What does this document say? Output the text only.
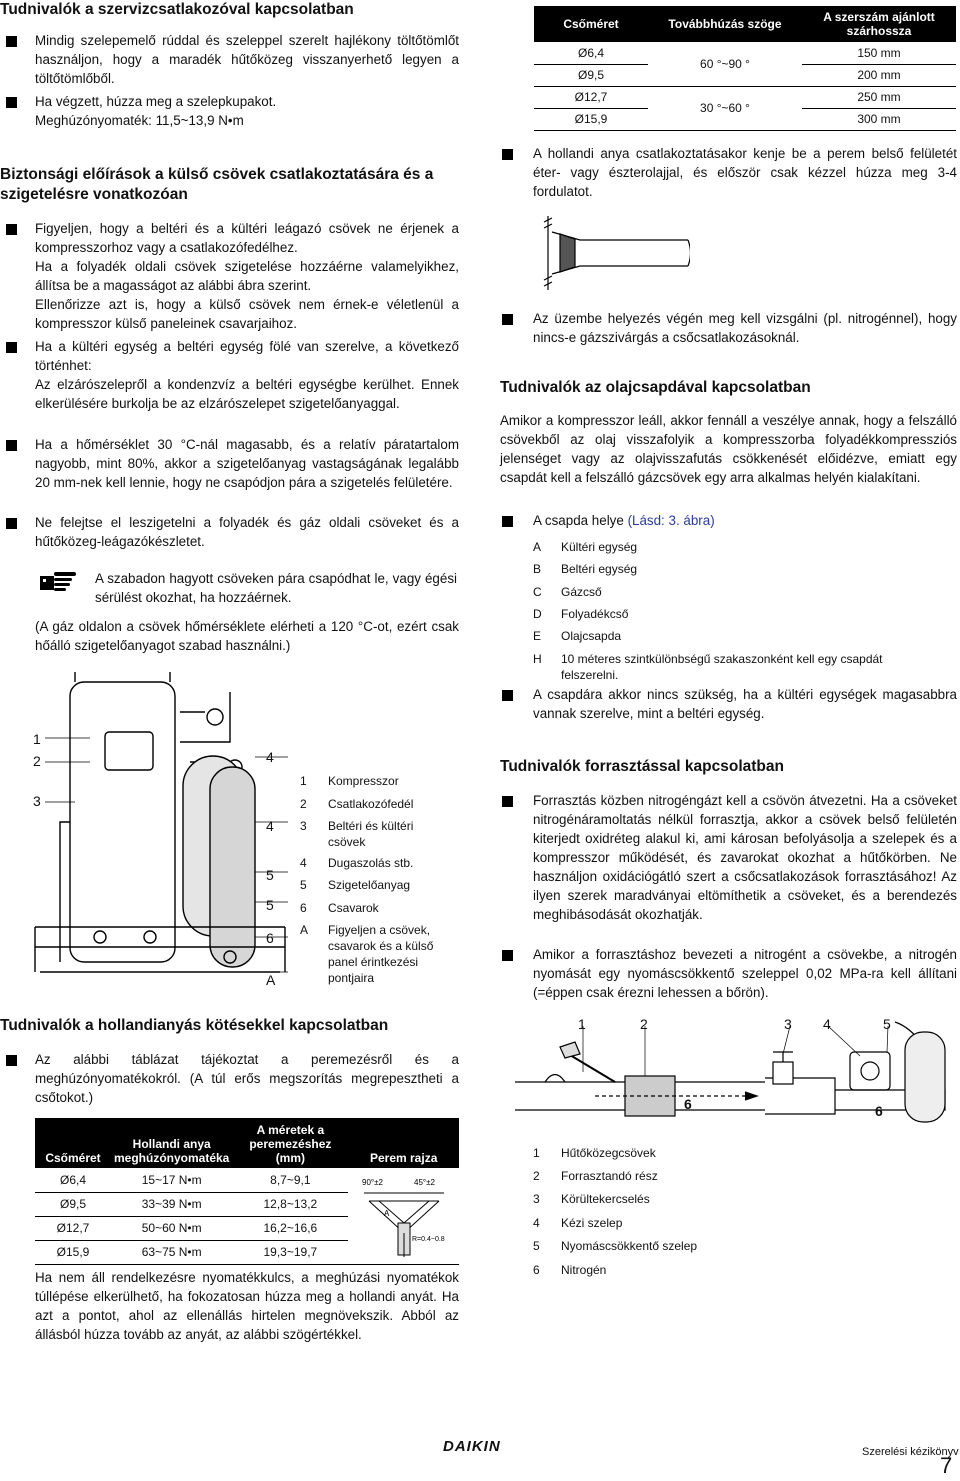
Tudnivalók a szervizcsatlakozóval kapcsolatban
Mindig szelepemelő rúddal és szeleppel szerelt hajlékony töltőtömlőt használjon, hogy a maradék hűtőközeg visszanyerhető legyen a töltőtömlőből.
Ha végzett, húzza meg a szelepkupakot.
Meghúzónyomaték: 11,5~13,9 N•m
Biztonsági előírások a külső csövek csatlakoztatására és a szigetelésre vonatkozóan
Figyeljen, hogy a beltéri és a kültéri leágazó csövek ne érjenek a kompresszorhoz vagy a csatlakozófedélhez.
Ha a folyadék oldali csövek szigetelése hozzáérne valamelyikhez, állítsa be a magasságot az alábbi ábra szerint.
Ellenőrizze azt is, hogy a külső csövek nem érnek-e véletlenül a kompresszor külső paneleinek csavarjaihoz.
Ha a kültéri egység a beltéri egység fölé van szerelve, a következő történhet:
Az elzárószelepről a kondenzvíz a beltéri egységbe kerülhet. Ennek elkerülésére burkolja be az elzárószelepet szigetelőanyaggal.
Ha a hőmérséklet 30 °C-nál magasabb, és a relatív páratartalom nagyobb, mint 80%, akkor a szigetelőanyag vastagságának legalább 20 mm-nek kell lennie, hogy ne csapódjon pára a szigetelés felületére.
Ne felejtse el leszigetelni a folyadék és gáz oldali csöveket és a hűtőközeg-leágazókészletet.
A szabadon hagyott csöveken pára csapódhat le, vagy égési sérülést okozhat, ha hozzáérnek.
(A gáz oldalon a csövek hőmérséklete elérheti a 120 °C-ot, ezért csak hőálló szigetelőanyagot szabad használni.)
1
2
3
4
4
5
5
6
A
1	Kompresszor
2	Csatlakozófedél
3	Beltéri és kültéri csövek
4	Dugaszolás stb.
5	Szigetelőanyag
6	Csavarok
A	Figyeljen a csövek, csavarok és a külső panel érintkezési pontjaira
Tudnivalók a hollandianyás kötésekkel kapcsolatban
Az alábbi táblázat tájékoztat a peremezésről és a meghúzónyomatékokról. (A túl erős megszorítás megrepesztheti a csőtokot.)
Csőméret	Hollandi anya meghúzónyomatéka	A méretek a peremezéshez (mm)	Perem rajza
Ø6,4	15~17 N•m	8,7~9,1	90°±2 45°±2
A
R=0.4~0.8

Ø9,5	33~39 N•m	12,8~13,2	
Ø12,7	50~60 N•m	16,2~16,6	
Ø15,9	63~75 N•m	19,3~19,7	
Ha nem áll rendelkezésre nyomatékkulcs, a meghúzási nyomatékok túllépése elkerülhető, ha fokozatosan húzza meg a hollandi anyát. Ha azt a pontot, ahol az ellenállás hirtelen megnövekszik. Abból az állásból húzza tovább az anyát, az alábbi szögértékkel.
Csőméret	Továbbhúzás szöge	A szerszám ajánlott szárhossza
Ø6,4	60 °~90 °	150 mm
Ø9,5		200 mm
Ø12,7	30 °~60 °	250 mm
Ø15,9		300 mm
A hollandi anya csatlakoztatásakor kenje be a perem belső felületét éter- vagy észterolajjal, és először csak kézzel húzza meg 3-4 fordulatot.
Az üzembe helyezés végén meg kell vizsgálni (pl. nitrogénnel), hogy nincs-e gázszivárgás a csőcsatlakozásoknál.
Tudnivalók az olajcsapdával kapcsolatban
Amikor a kompresszor leáll, akkor fennáll a veszélye annak, hogy a felszálló csövekből az olaj visszafolyik a kompresszorba folyadékkompressziós jelenséget vagy az olajvisszafutás csökkenését előidézve, emiatt egy csapdát kell a felszálló gázcsövek egy arra alkalmas helyén kialakítani.
A csapda helye (Lásd: 3. ábra)
A	Kültéri egység
B	Beltéri egység
C	Gázcső
D	Folyadékcső
E	Olajcsapda
H	10 méteres szintkülönbségű szakaszonként kell egy csapdát felszerelni.
A csapdára akkor nincs szükség, ha a kültéri egységek magasabbra vannak szerelve, mint a beltéri egység.
Tudnivalók forrasztással kapcsolatban
Forrasztás közben nitrogéngázt kell a csövön átvezetni. Ha a csöveket nitrogénáramoltatás nélkül forrasztja, akkor a csövek belső felületén kiterjedt oxidréteg alakul ki, ami károsan befolyásolja a szelepek és a kompresszor működését, és zavarokat okozhat a hűtőkörben. Ne használjon oxidációgátló szert a csőcsatlakozások forrasztásához! Az ilyen szerek maradványai eltömíthetik a csöveket, és a berendezés meghibásodását okozhatják.
Amikor a forrasztáshoz bevezeti a nitrogént a csövekbe, a nitrogén nyomását egy nyomáscsökkentő szeleppel 0,02 MPa-ra kell állítani (=éppen csak érezni lehessen a bőrön).
1	2	3 4	5
6	6
1	Hűtőközegcsövek
2	Forrasztandó rész
3	Körültekercselés
4	Kézi szelep
5	Nyomáscsökkentő szelep
6	Nitrogén
DAIKIN	Szerelési kézikönyv
7
